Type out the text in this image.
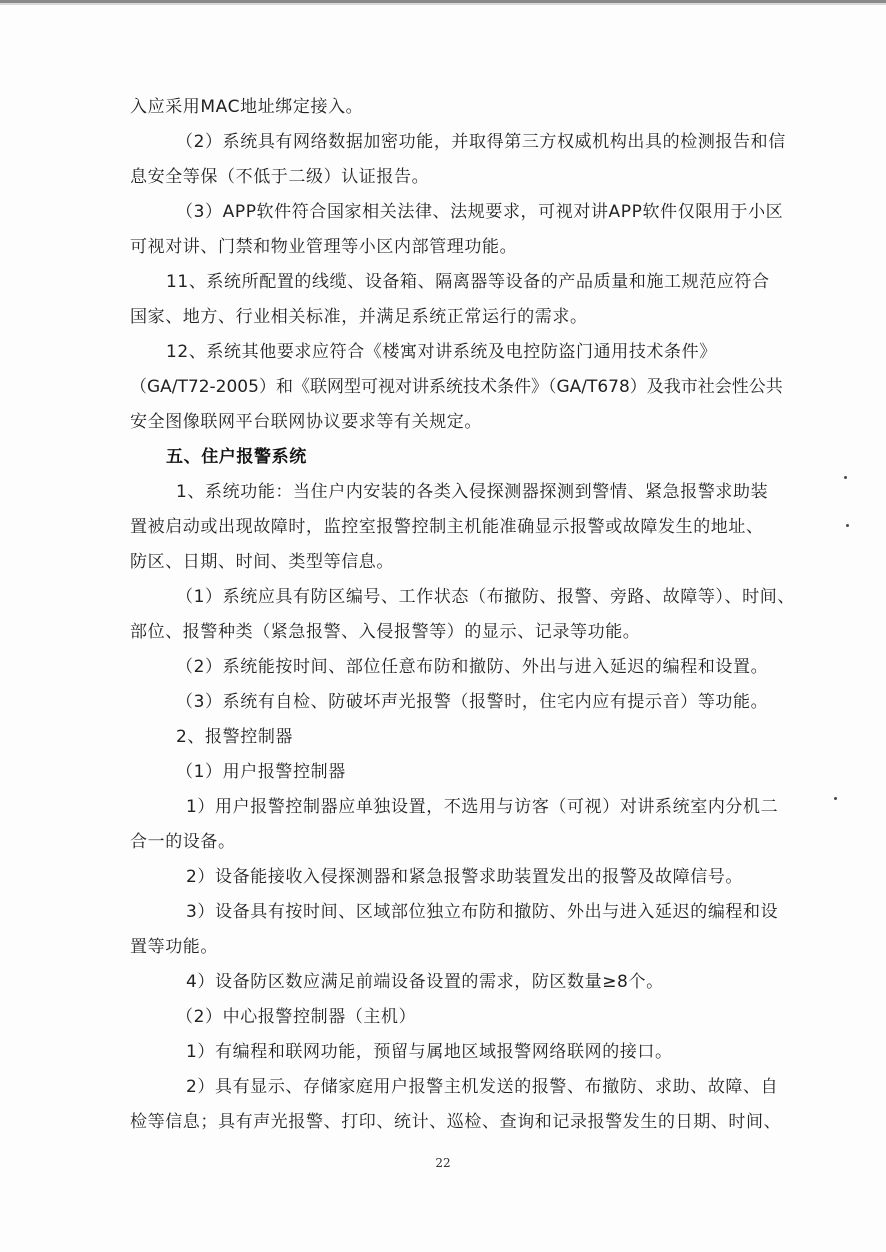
入应采用MAC地址绑定接入。
（2）系统具有网络数据加密功能，并取得第三方权威机构出具的检测报告和信
息安全等保（不低于二级）认证报告。
（3）APP软件符合国家相关法律、法规要求，可视对讲APP软件仅限用于小区
可视对讲、门禁和物业管理等小区内部管理功能。
11、系统所配置的线缆、设备箱、隔离器等设备的产品质量和施工规范应符合
国家、地方、行业相关标准，并满足系统正常运行的需求。
12、系统其他要求应符合《楼寓对讲系统及电控防盗门通用技术条件》
（GA/T72-2005）和《联网型可视对讲系统技术条件》（GA/T678）及我市社会性公共
安全图像联网平台联网协议要求等有关规定。
五、住户报警系统
1、系统功能：当住户内安装的各类入侵探测器探测到警情、紧急报警求助装
置被启动或出现故障时，监控室报警控制主机能准确显示报警或故障发生的地址、
防区、日期、时间、类型等信息。
（1）系统应具有防区编号、工作状态（布撤防、报警、旁路、故障等）、时间、
部位、报警种类（紧急报警、入侵报警等）的显示、记录等功能。
（2）系统能按时间、部位任意布防和撤防、外出与进入延迟的编程和设置。
（3）系统有自检、防破坏声光报警（报警时，住宅内应有提示音）等功能。
2、报警控制器
（1）用户报警控制器
1）用户报警控制器应单独设置，不选用与访客（可视）对讲系统室内分机二
合一的设备。
2）设备能接收入侵探测器和紧急报警求助装置发出的报警及故障信号。
3）设备具有按时间、区域部位独立布防和撤防、外出与进入延迟的编程和设
置等功能。
4）设备防区数应满足前端设备设置的需求，防区数量≥8个。
（2）中心报警控制器（主机）
1）有编程和联网功能，预留与属地区域报警网络联网的接口。
2）具有显示、存储家庭用户报警主机发送的报警、布撤防、求助、故障、自
检等信息；具有声光报警、打印、统计、巡检、查询和记录报警发生的日期、时间、
22
